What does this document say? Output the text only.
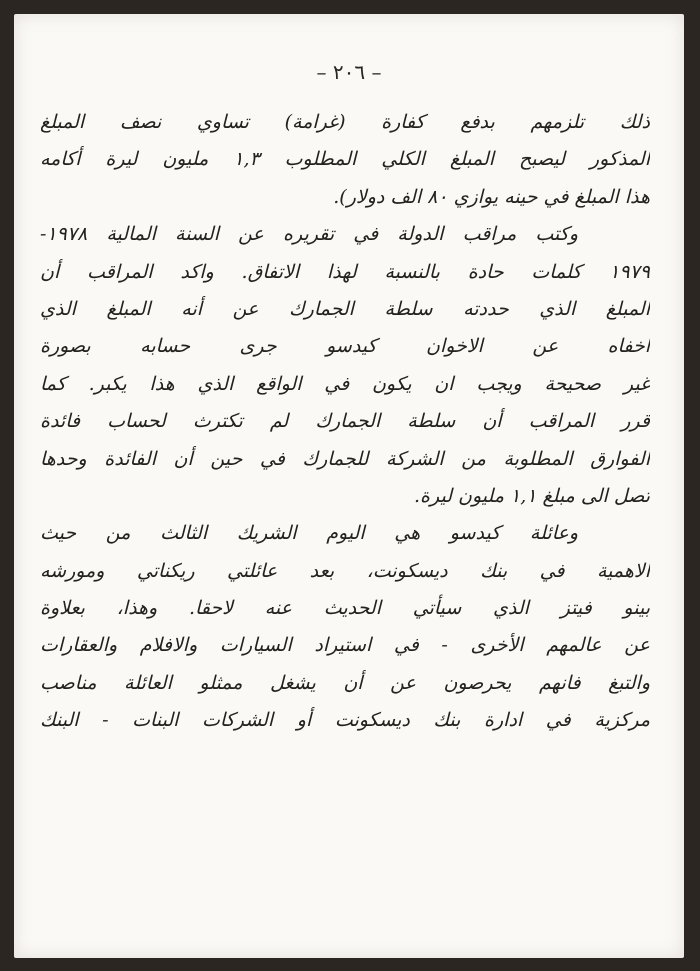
– ٢٠٦ –
ذلك تلزمهم بدفع كفارة (غرامة) تساوي نصف المبلغ
المذكور ليصبح المبلغ الكلي المطلوب ١,٣ مليون ليرة أكامه
هذا المبلغ في حينه يوازي ٨٠ الف دولار).
وكتب مراقب الدولة في تقريره عن السنة المالية ١٩٧٨-
١٩٧٩ كلمات حادة بالنسبة لهذا الاتفاق. واكد المراقب أن
المبلغ الذي حددته سلطة الجمارك عن أنه المبلغ الذي
اخفاه عن الاخوان كيدسو جرى حسابه بصورة
غير صحيحة ويجب ان يكون في الواقع الذي هذا يكبر. كما
قرر المراقب أن سلطة الجمارك لم تكترث لحساب فائدة
الفوارق المطلوبة من الشركة للجمارك في حين أن الفائدة وحدها
تصل الى مبلغ ١,١ مليون ليرة.
وعائلة كيدسو هي اليوم الشريك الثالث من حيث
الاهمية في بنك ديسكونت، بعد عائلتي ريكناتي ومورشه
بينو فيتز الذي سيأتي الحديث عنه لاحقا. وهذا، بعلاوة
عن عالمهم الأخرى - في استيراد السيارات والافلام والعقارات
والتبغ فانهم يحرصون عن أن يشغل ممثلو العائلة مناصب
مركزية في ادارة بنك ديسكونت أو الشركات البنات - البنك
